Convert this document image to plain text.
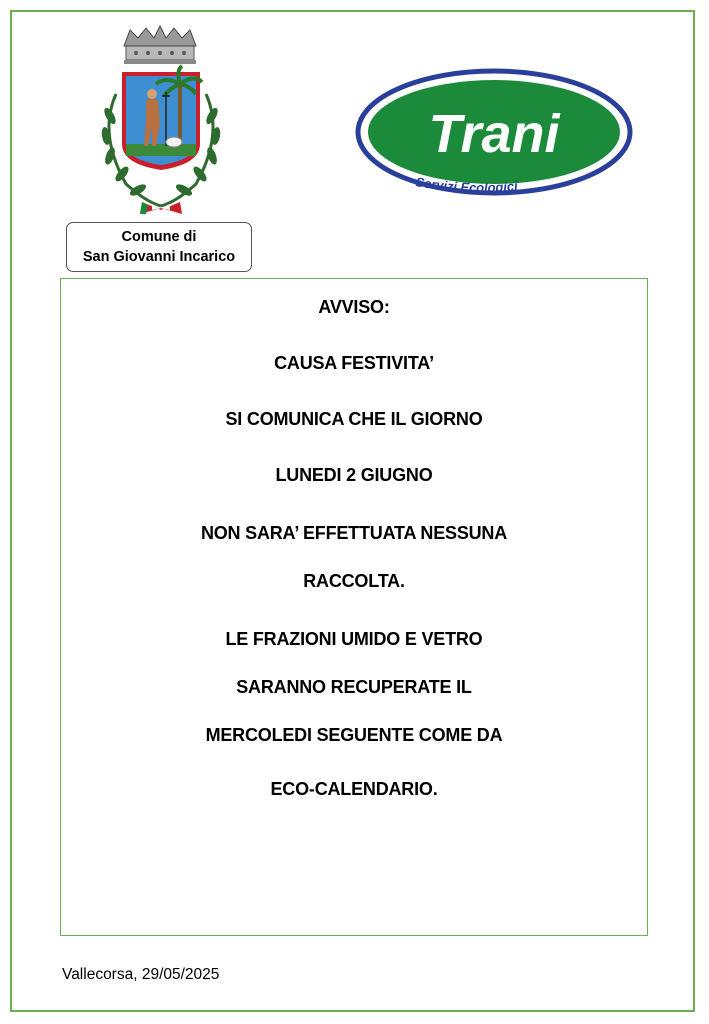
Comune di
San Giovanni Incarico
Trani
Servizi Ecologici
AVVISO:
CAUSA FESTIVITA’
SI COMUNICA CHE IL GIORNO
LUNEDI 2 GIUGNO
NON SARA’ EFFETTUATA NESSUNA
RACCOLTA.
LE FRAZIONI UMIDO E VETRO
SARANNO RECUPERATE IL
MERCOLEDI SEGUENTE COME DA
ECO-CALENDARIO.
Vallecorsa, 29/05/2025
